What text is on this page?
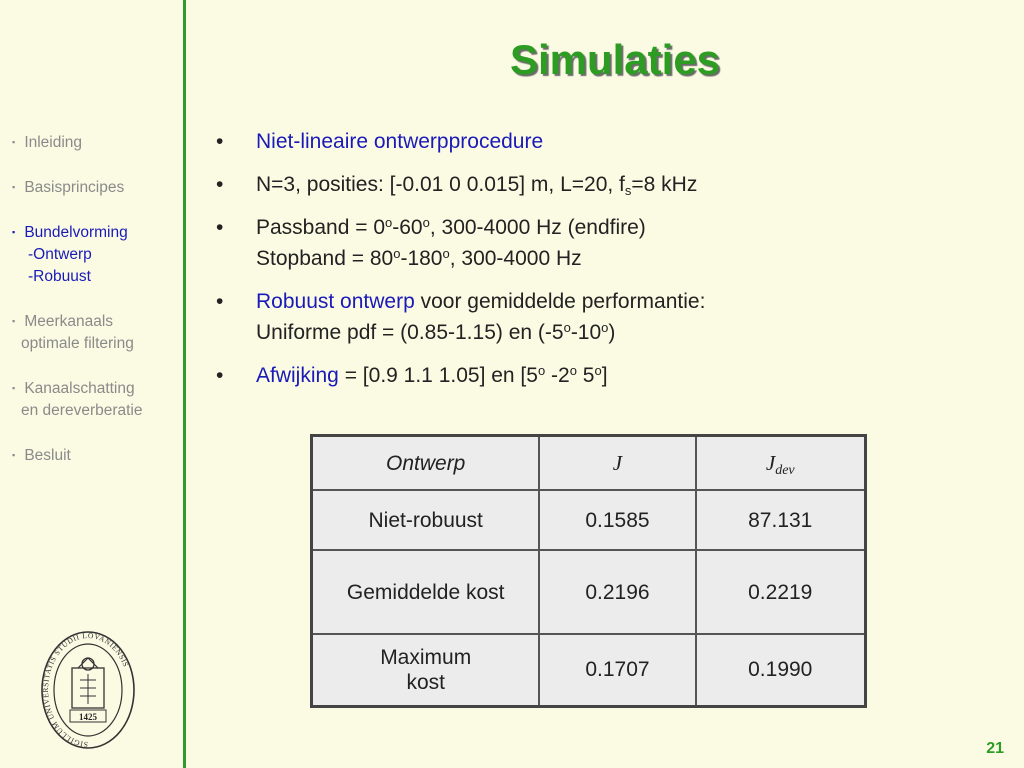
▪ Inleiding
▪ Basisprincipes
▪ Bundelvorming
-Ontwerp
-Robuust
▪ Meerkanaals
optimale filtering
▪ Kanaalschatting
en dereverberatie
▪ Besluit
SIGILLUM UNIVERSITATIS STUDII LOVANIENSIS
1425
Simulaties
•	Niet-lineaire ontwerpprocedure
•	N=3, posities: [-0.01 0 0.015] m, L=20, $f_s=8$ kHz
•	Passband = $0^o-60^o$, 300-4000 Hz (endfire)
Stopband = $80^o-180^o$, 300-4000 Hz
•	Robuust ontwerp voor gemiddelde performantie:
Uniforme pdf = (0.85-1.15) en (-5$^o$-10$^o$)
•	Afwijking = [0.9 1.1 1.05] en [5$^o$ -2$^o$ 5$^o$]
Ontwerp	J	$J_{dev}$
Niet-robuust	0.1585	87.131
Gemiddelde kost	0.2196	0.2219
Maximum
kost	0.1707	0.1990
21
